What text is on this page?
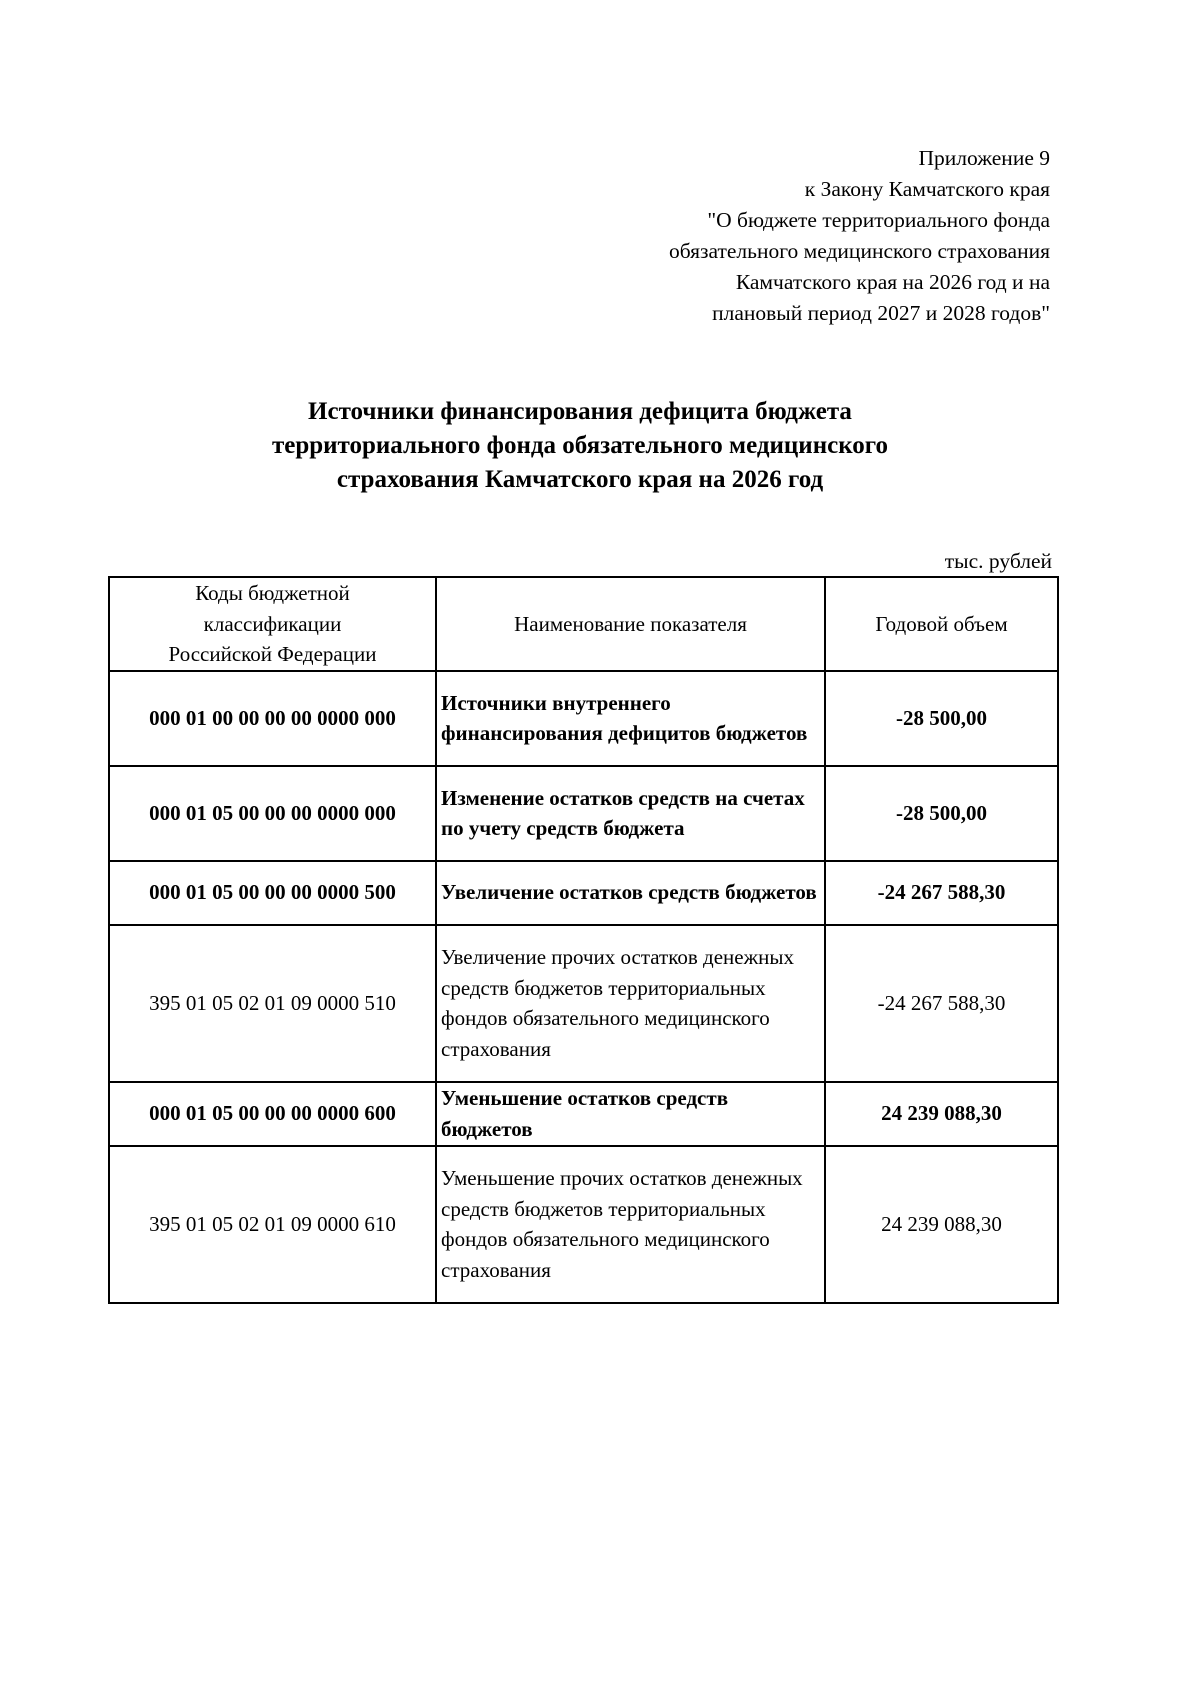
Приложение 9
к Закону Камчатского края
"О бюджете территориального фонда
обязательного медицинского страхования
Камчатского края на 2026 год и на
плановый период 2027 и 2028 годов"
Источники финансирования дефицита бюджета
территориального фонда обязательного медицинского
страхования Камчатского края на 2026 год
тыс. рублей
Коды бюджетной классификации Российской Федерации	Наименование показателя	Годовой объем
000 01 00 00 00 00 0000 000	Источники внутреннего финансирования дефицитов бюджетов	-28 500,00
000 01 05 00 00 00 0000 000	Изменение остатков средств на счетах по учету средств бюджета	-28 500,00
000 01 05 00 00 00 0000 500	Увеличение остатков средств бюджетов	-24 267 588,30
395 01 05 02 01 09 0000 510	Увеличение прочих остатков денежных средств бюджетов территориальных фондов обязательного медицинского страхования	-24 267 588,30
000 01 05 00 00 00 0000 600	Уменьшение остатков средств бюджетов	24 239 088,30
395 01 05 02 01 09 0000 610	Уменьшение прочих остатков денежных средств бюджетов территориальных фондов обязательного медицинского страхования	24 239 088,30
